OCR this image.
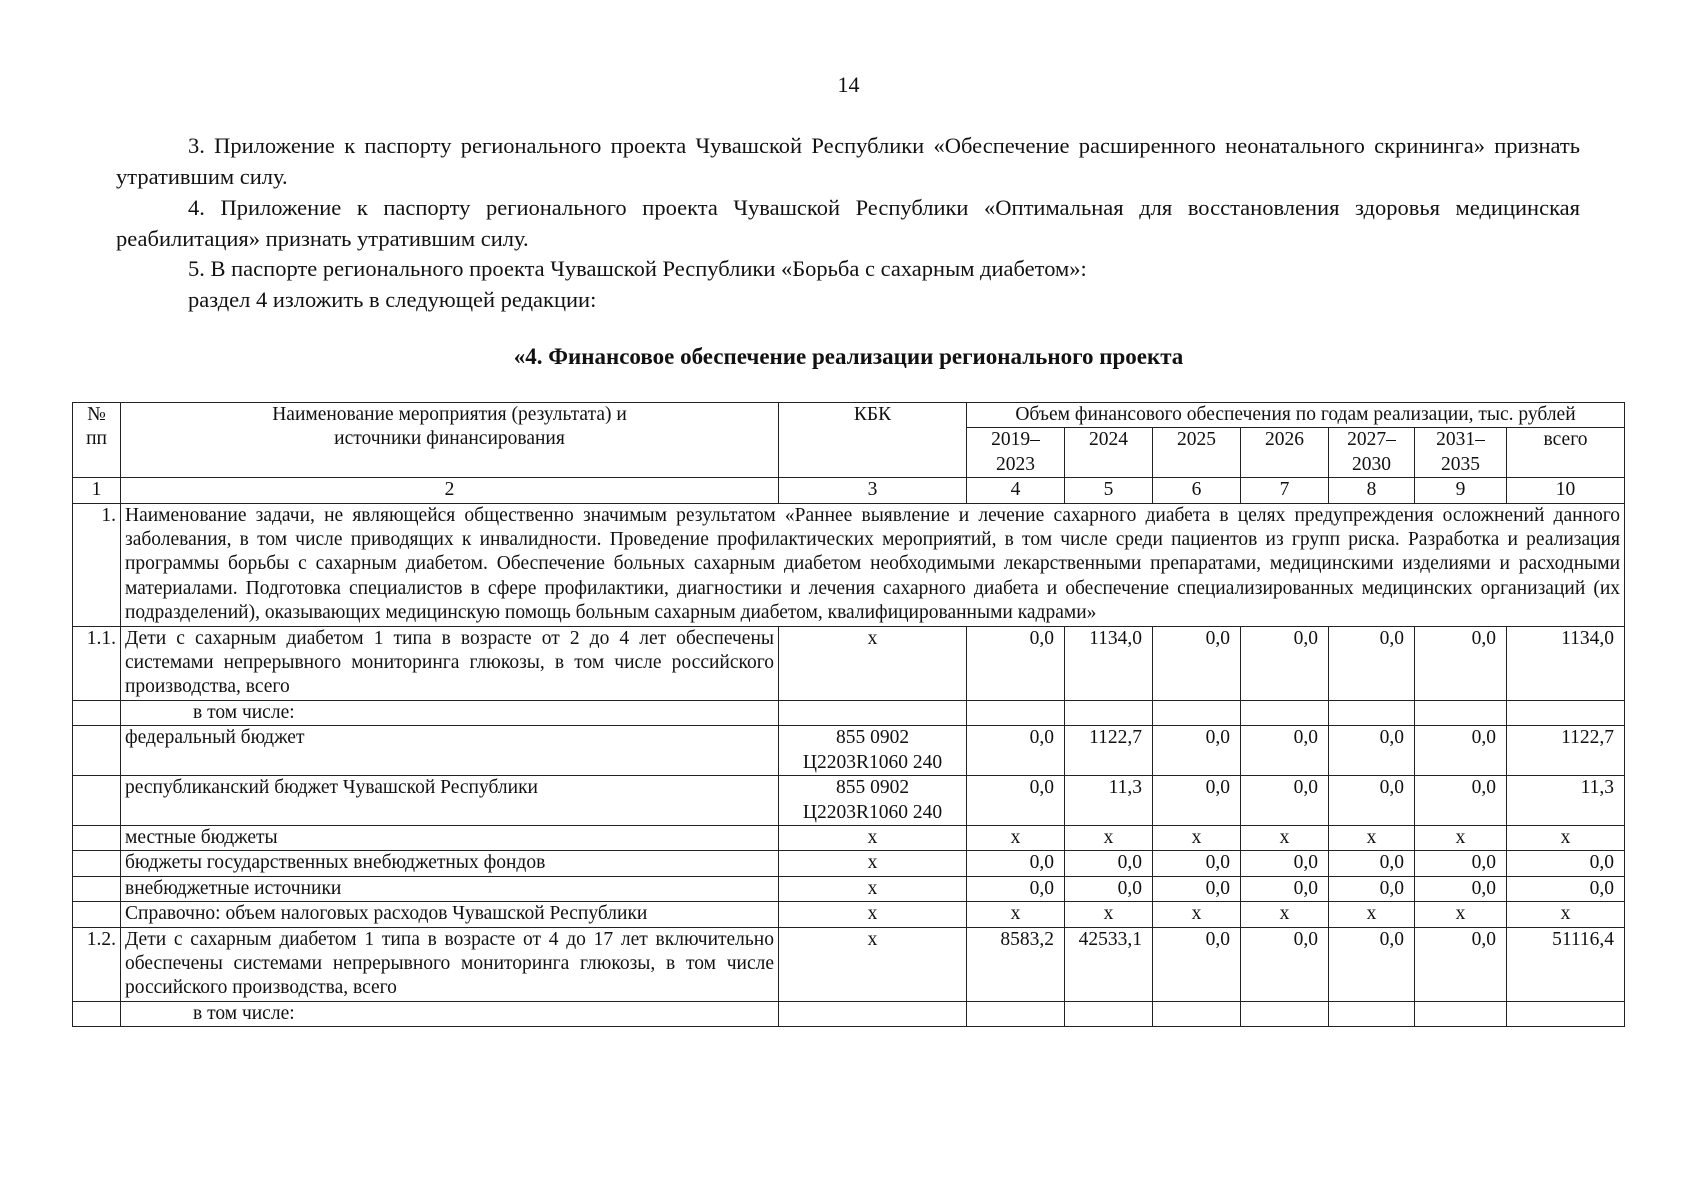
14
3. Приложение к паспорту регионального проекта Чувашской Республики «Обеспечение расширенного неонатального скрининга» признать утратившим силу.
4. Приложение к паспорту регионального проекта Чувашской Республики «Оптимальная для восстановления здоровья медицинская реабилитация» признать утратившим силу.
5. В паспорте регионального проекта Чувашской Республики «Борьба с сахарным диабетом»:
раздел 4 изложить в следующей редакции:
«4. Финансовое обеспечение реализации регионального проекта
№ пп	Наименование мероприятия (результата) и источники финансирования	КБК	Объем финансового обеспечения по годам реализации, тыс. рублей						
			2019–2023	2024	2025	2026	2027–2030	2031–2035	всего
1	2	3	4	5	6	7	8	9	10
1.	Наименование задачи, не являющейся общественно значимым результатом «Раннее выявление и лечение сахарного диабета в целях предупреждения осложнений данного заболевания, в том числе приводящих к инвалидности. Проведение профилактических мероприятий, в том числе среди пациентов из групп риска. Разработка и реализация программы борьбы с сахарным диабетом. Обеспечение больных сахарным диабетом необходимыми лекарственными препаратами, медицинскими изделиями и расходными материалами. Подготовка специалистов в сфере профилактики, диагностики и лечения сахарного диабета и обеспечение специализированных медицинских организаций (их подразделений), оказывающих медицинскую помощь больным сахарным диабетом, квалифицированными кадрами»								
1.1.	Дети с сахарным диабетом 1 типа в возрасте от 2 до 4 лет обеспечены системами непрерывного мониторинга глюкозы, в том числе российского производства, всего	х	0,0	1134,0	0,0	0,0	0,0	0,0	1134,0
	в том числе:								
	федеральный бюджет	855 0902 Ц2203R1060 240	0,0	1122,7	0,0	0,0	0,0	0,0	1122,7
	республиканский бюджет Чувашской Республики	855 0902 Ц2203R1060 240	0,0	11,3	0,0	0,0	0,0	0,0	11,3
	местные бюджеты	х	х	х	х	х	х	х	х
	бюджеты государственных внебюджетных фондов	х	0,0	0,0	0,0	0,0	0,0	0,0	0,0
	внебюджетные источники	х	0,0	0,0	0,0	0,0	0,0	0,0	0,0
	Справочно: объем налоговых расходов Чувашской Республики	х	х	х	х	х	х	х	х
1.2.	Дети с сахарным диабетом 1 типа в возрасте от 4 до 17 лет включительно обеспечены системами непрерывного мониторинга глюкозы, в том числе российского производства, всего	х	8583,2	42533,1	0,0	0,0	0,0	0,0	51116,4
	в том числе:								
